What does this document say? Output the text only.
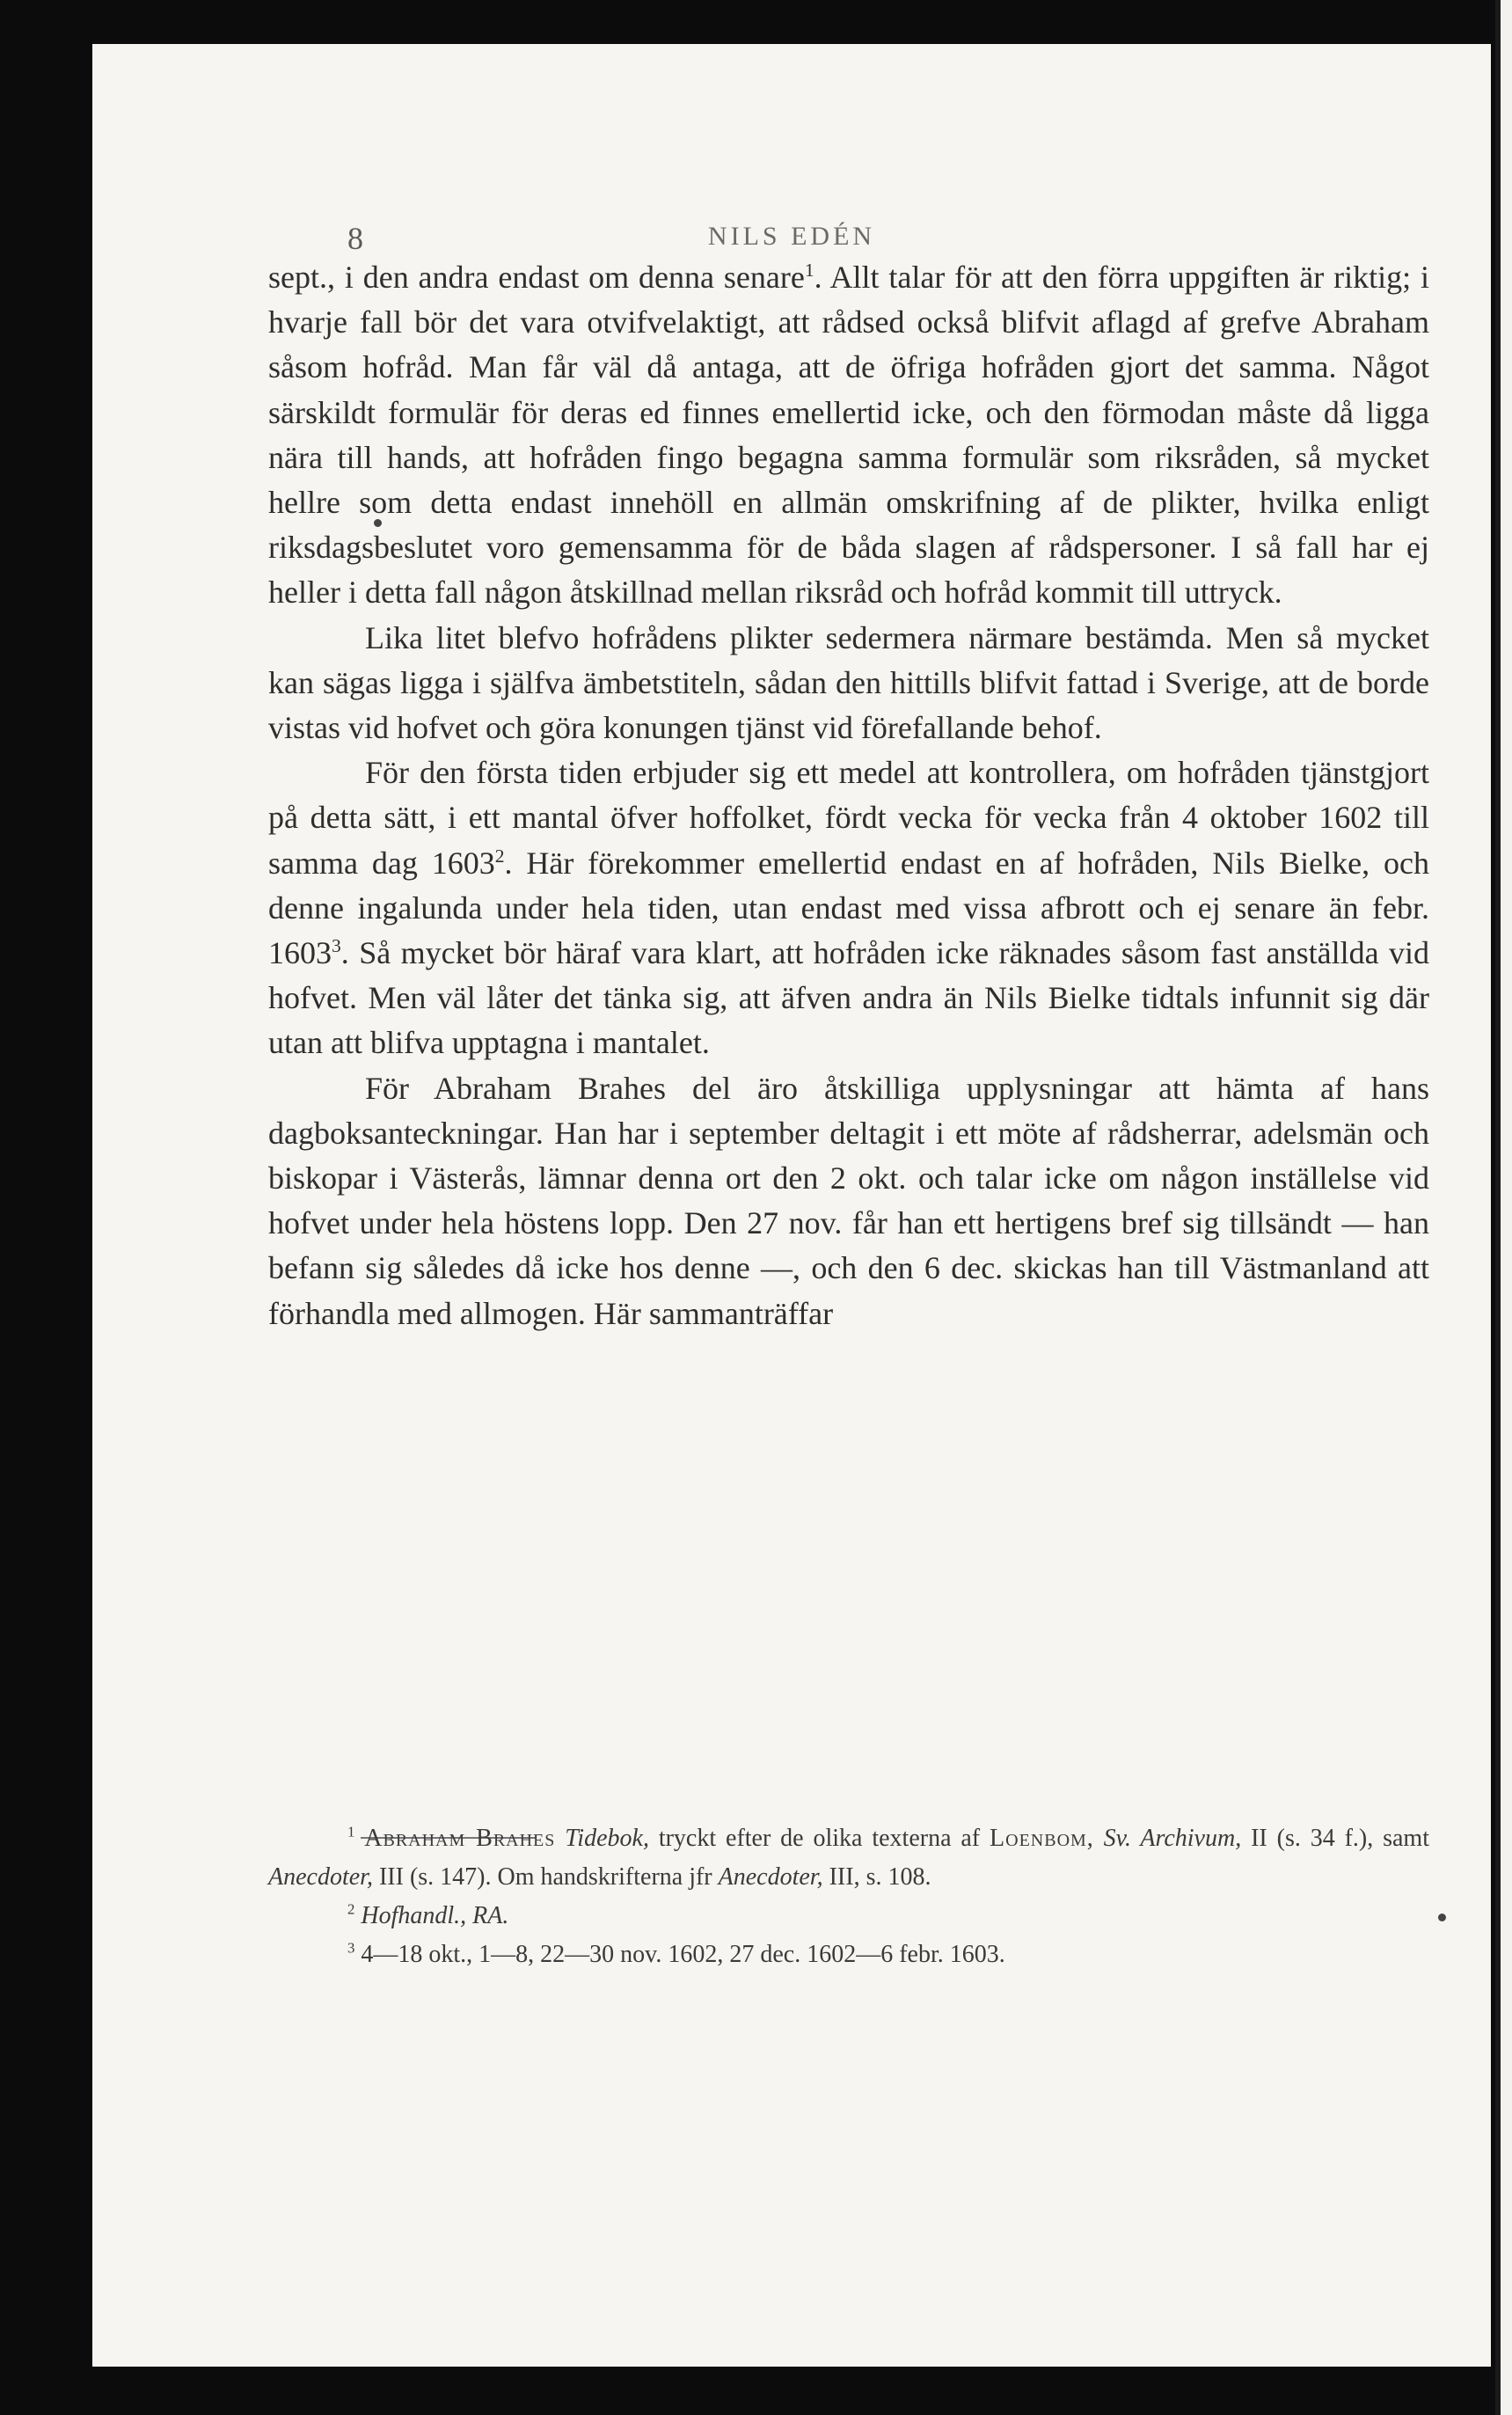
8	NILS EDÉN

sept., i den andra endast om denna senare$^1$. Allt talar för att den förra uppgiften är riktig; i hvarje fall bör det vara otvifvelaktigt, att rådsed också blifvit aflagd af grefve Abraham såsom hofråd. Man får väl då antaga, att de öfriga hofråden gjort det samma. Något särskildt formulär för deras ed finnes emellertid icke, och den förmodan måste då ligga nära till hands, att hofråden fingo begagna samma formulär som riksråden, så mycket hellre som detta endast innehöll en allmän omskrifning af de plikter, hvilka enligt riksdagsbeslutet voro gemensamma för de båda slagen af rådspersoner. I så fall har ej heller i detta fall någon åtskillnad mellan riksråd och hofråd kommit till uttryck.

Lika litet blefvo hofrådens plikter sedermera närmare bestämda. Men så mycket kan sägas ligga i själfva ämbetstiteln, sådan den hittills blifvit fattad i Sverige, att de borde vistas vid hofvet och göra konungen tjänst vid förefallande behof.

För den första tiden erbjuder sig ett medel att kontrollera, om hofråden tjänstgjort på detta sätt, i ett mantal öfver hoffolket, fördt vecka för vecka från 4 oktober 1602 till samma dag 1603$^2$. Här förekommer emellertid endast en af hofråden, Nils Bielke, och denne ingalunda under hela tiden, utan endast med vissa afbrott och ej senare än febr. 1603$^3$. Så mycket bör häraf vara klart, att hofråden icke räknades såsom fast anställda vid hofvet. Men väl låter det tänka sig, att äfven andra än Nils Bielke tidtals infunnit sig där utan att blifva upptagna i mantalet.

För Abraham Brahes del äro åtskilliga upplysningar att hämta af hans dagboksanteckningar. Han har i september deltagit i ett möte af rådsherrar, adelsmän och biskopar i Västerås, lämnar denna ort den 2 okt. och talar icke om någon inställelse vid hofvet under hela höstens lopp. Den 27 nov. får han ett hertigens bref sig tillsändt — han befann sig således då icke hos denne —, och den 6 dec. skickas han till Västmanland att förhandla med allmogen. Här sammanträffar

$^1$ Abraham Brahes Tidebok, tryckt efter de olika texterna af Loenbom, Sv. Archivum, II (s. 34 f.), samt Anecdoter, III (s. 147). Om handskrifterna jfr Anecdoter, III, s. 108.

$^2$ Hofhandl., RA.

$^3$ 4—18 okt., 1—8, 22—30 nov. 1602, 27 dec. 1602—6 febr. 1603.
